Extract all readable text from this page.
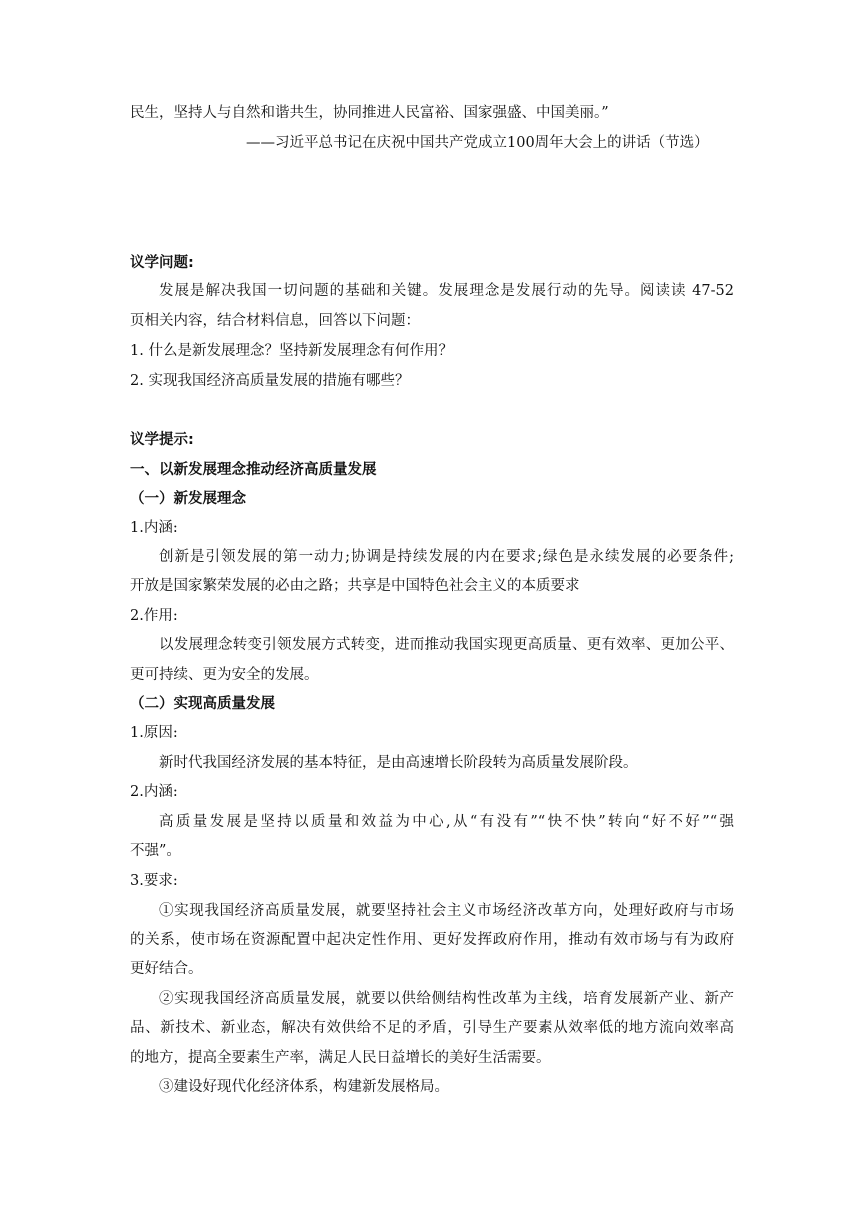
民生，坚持人与自然和谐共生，协同推进人民富裕、国家强盛、中国美丽。”
——习近平总书记在庆祝中国共产党成立100周年大会上的讲话（节选）
议学问题:
发展是解决我国一切问题的基础和关键。发展理念是发展行动的先导。阅读读 47-52
页相关内容，结合材料信息，回答以下问题：
1. 什么是新发展理念？坚持新发展理念有何作用？
2. 实现我国经济高质量发展的措施有哪些？
议学提示:
一、以新发展理念推动经济高质量发展
（一）新发展理念
1.内涵:
创新是引领发展的第一动力;协调是持续发展的内在要求;绿色是永续发展的必要条件;
开放是国家繁荣发展的必由之路；共享是中国特色社会主义的本质要求
2.作用:
以发展理念转变引领发展方式转变，进而推动我国实现更高质量、更有效率、更加公平、
更可持续、更为安全的发展。
（二）实现高质量发展
1.原因:
新时代我国经济发展的基本特征，是由高速增长阶段转为高质量发展阶段。
2.内涵:
高质量发展是坚持以质量和效益为中心,从“有没有”“快不快”转向“好不好”“强
不强”。
3.要求:
①实现我国经济高质量发展，就要坚持社会主义市场经济改革方向，处理好政府与市场
的关系，使市场在资源配置中起决定性作用、更好发挥政府作用，推动有效市场与有为政府
更好结合。
②实现我国经济高质量发展，就要以供给侧结构性改革为主线，培育发展新产业、新产
品、新技术、新业态，解决有效供给不足的矛盾，引导生产要素从效率低的地方流向效率高
的地方，提高全要素生产率，满足人民日益增长的美好生活需要。
③建设好现代化经济体系，构建新发展格局。
